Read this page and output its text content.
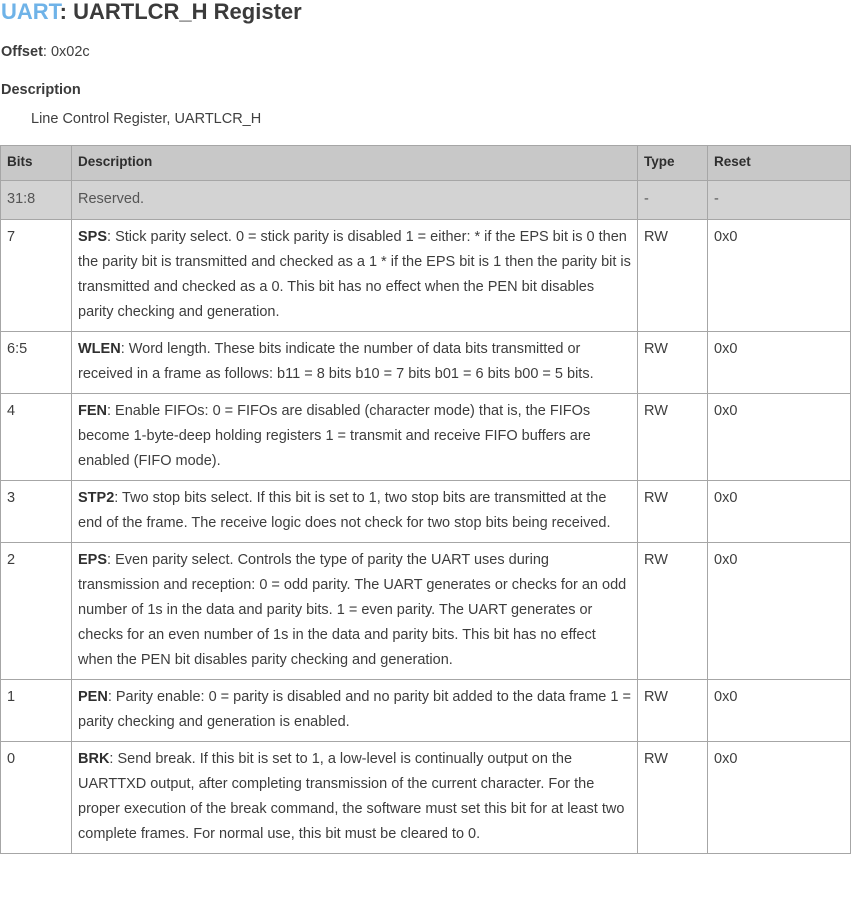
UART: UARTLCR_H Register
Offset: 0x02c
Description
Line Control Register, UARTLCR_H
Bits	Description	Type	Reset
31:8	Reserved.	-	-
7	SPS: Stick parity select. 0 = stick parity is disabled 1 = either: * if the EPS bit is 0 then the parity bit is transmitted and checked as a 1 * if the EPS bit is 1 then the parity bit is transmitted and checked as a 0. This bit has no effect when the PEN bit disables parity checking and generation.	RW	0x0
6:5	WLEN: Word length. These bits indicate the number of data bits transmitted or received in a frame as follows: b11 = 8 bits b10 = 7 bits b01 = 6 bits b00 = 5 bits.	RW	0x0
4	FEN: Enable FIFOs: 0 = FIFOs are disabled (character mode) that is, the FIFOs become 1-byte-deep holding registers 1 = transmit and receive FIFO buffers are enabled (FIFO mode).	RW	0x0
3	STP2: Two stop bits select. If this bit is set to 1, two stop bits are transmitted at the end of the frame. The receive logic does not check for two stop bits being received.	RW	0x0
2	EPS: Even parity select. Controls the type of parity the UART uses during transmission and reception: 0 = odd parity. The UART generates or checks for an odd number of 1s in the data and parity bits. 1 = even parity. The UART generates or checks for an even number of 1s in the data and parity bits. This bit has no effect when the PEN bit disables parity checking and generation.	RW	0x0
1	PEN: Parity enable: 0 = parity is disabled and no parity bit added to the data frame 1 = parity checking and generation is enabled.	RW	0x0
0	BRK: Send break. If this bit is set to 1, a low-level is continually output on the UARTTXD output, after completing transmission of the current character. For the proper execution of the break command, the software must set this bit for at least two complete frames. For normal use, this bit must be cleared to 0.	RW	0x0
